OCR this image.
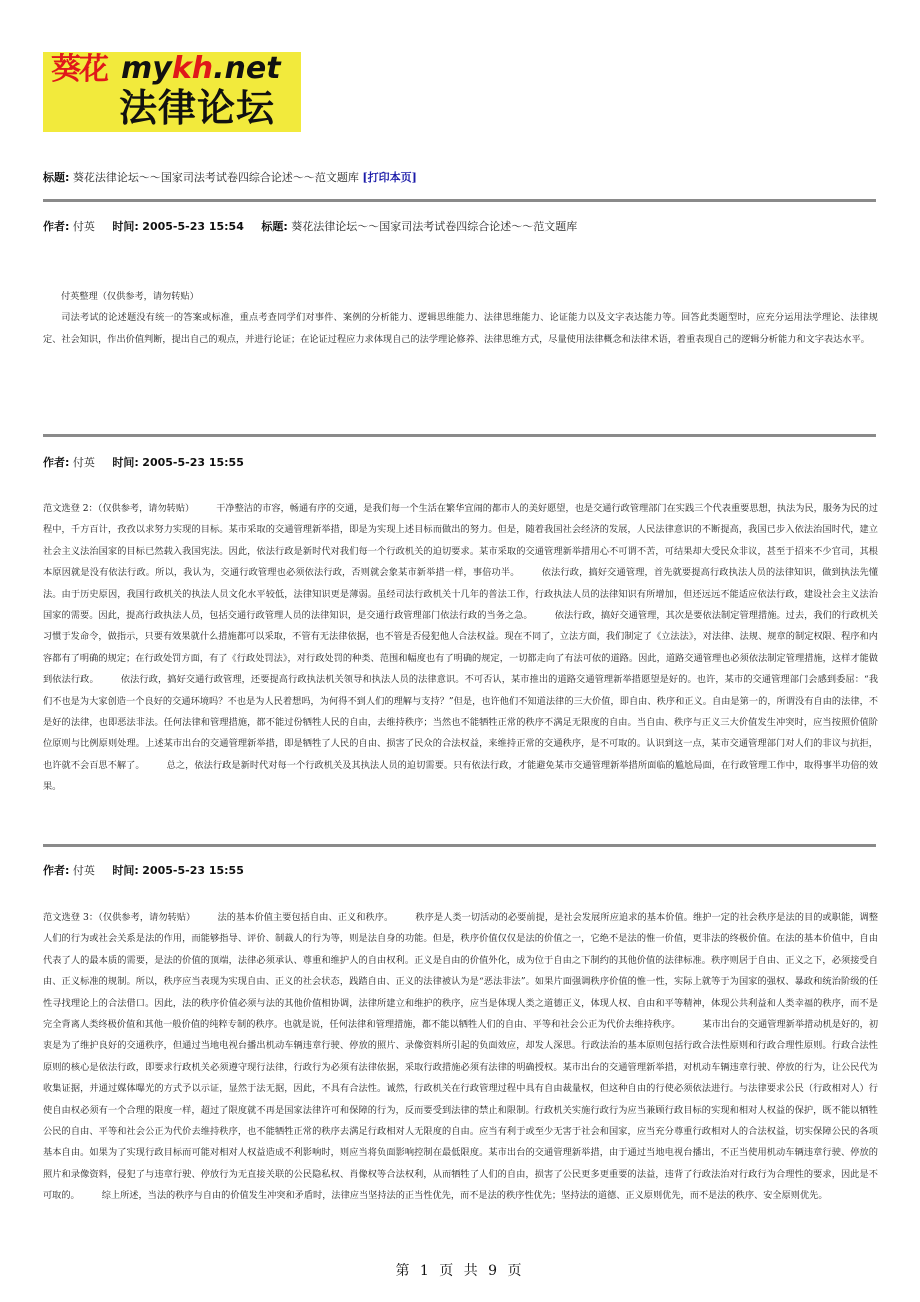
葵花 mykh.net
法律论坛
标题: 葵花法律论坛～～国家司法考试卷四综合论述～～范文题库 [打印本页]
作者: 付英 时间: 2005-5-23 15:54 标题: 葵花法律论坛～～国家司法考试卷四综合论述～～范文题库
付英整理（仅供参考，请勿转贴）
司法考试的论述题没有统一的答案或标准，重点考查同学们对事件、案例的分析能力、逻辑思维能力、法律思维能力、论证能力以及文字表达能力等。回答此类题型时，应充分运用法学理论、法律规定、社会知识，作出价值判断，提出自己的观点，并进行论证；在论证过程应力求体现自己的法学理论修养、法律思维方式，尽量使用法律概念和法律术语，着重表现自己的逻辑分析能力和文字表达水平。
作者: 付英 时间: 2005-5-23 15:55
范文选登 2：（仅供参考，请勿转贴） 干净整洁的市容，畅通有序的交通，是我们每一个生活在繁华宜闹的都市人的美好愿望，也是交通行政管理部门在实践三个代表重要思想，执法为民，服务为民的过程中，千方百计，孜孜以求努力实现的目标。某市采取的交通管理新举措，即是为实现上述目标而做出的努力。但是，随着我国社会经济的发展，人民法律意识的不断提高，我国已步入依法治国时代，建立社会主义法治国家的目标已然载入我国宪法。因此，依法行政是新时代对我们每一个行政机关的迫切要求。某市采取的交通管理新举措用心不可谓不苦，可结果却大受民众非议，甚至于招来不少官司，其根本原因就是没有依法行政。所以，我认为，交通行政管理也必须依法行政，否则就会象某市新举措一样，事倍功半。 依法行政，搞好交通管理，首先就要提高行政执法人员的法律知识，做到执法先懂法。由于历史原因，我国行政机关的执法人员文化水平较低，法律知识更是薄弱。虽经司法行政机关十几年的普法工作，行政执法人员的法律知识有所增加，但还远远不能适应依法行政，建设社会主义法治国家的需要。因此，提高行政执法人员，包括交通行政管理人员的法律知识，是交通行政管理部门依法行政的当务之急。 依法行政，搞好交通管理，其次是要依法制定管理措施。过去，我们的行政机关习惯于发命令，做指示，只要有效果就什么措施都可以采取，不管有无法律依据，也不管是否侵犯他人合法权益。现在不同了，立法方面，我们制定了《立法法》，对法律、法规、规章的制定权限、程序和内容都有了明确的规定；在行政处罚方面，有了《行政处罚法》，对行政处罚的种类、范围和幅度也有了明确的规定，一切都走向了有法可依的道路。因此，道路交通管理也必须依法制定管理措施，这样才能做到依法行政。 依法行政，搞好交通行政管理，还要提高行政执法机关领导和执法人员的法律意识。不可否认，某市推出的道路交通管理新举措愿望是好的。也许，某市的交通管理部门会感到委屈：“我们不也是为大家创造一个良好的交通环境吗？不也是为人民着想吗，为何得不到人们的理解与支持？”但是，也许他们不知道法律的三大价值，即自由、秩序和正义。自由是第一的，所谓没有自由的法律，不是好的法律，也即恶法非法。任何法律和管理措施，都不能过份牺牲人民的自由，去维持秩序；当然也不能牺牲正常的秩序不满足无限度的自由。当自由、秩序与正义三大价值发生冲突时，应当按照价值阶位原则与比例原则处理。上述某市出台的交通管理新举措，即是牺牲了人民的自由、损害了民众的合法权益，来维持正常的交通秩序，是不可取的。认识到这一点，某市交通管理部门对人们的非议与抗拒，也许就不会百思不解了。 总之，依法行政是新时代对每一个行政机关及其执法人员的迫切需要。只有依法行政，才能避免某市交通管理新举措所面临的尴尬局面，在行政管理工作中，取得事半功倍的效果。
作者: 付英 时间: 2005-5-23 15:55
范文选登 3：（仅供参考，请勿转贴） 法的基本价值主要包括自由、正义和秩序。 秩序是人类一切活动的必要前提，是社会发展所应追求的基本价值。维护一定的社会秩序是法的目的或职能，调整人们的行为或社会关系是法的作用，而能够指导、评价、制裁人的行为等，则是法自身的功能。但是，秩序价值仅仅是法的价值之一，它绝不是法的惟一价值，更非法的终极价值。在法的基本价值中，自由代表了人的最本质的需要，是法的价值的顶端，法律必须承认、尊重和维护人的自由权利。正义是自由的价值外化，成为位于自由之下制约的其他价值的法律标准。秩序则居于自由、正义之下，必须接受自由、正义标准的规制。所以，秩序应当表现为实现自由、正义的社会状态，践踏自由、正义的法律被认为是“恶法非法”。如果片面强调秩序价值的惟一性，实际上就等于为国家的强权、暴政和统治阶级的任性寻找理论上的合法借口。因此，法的秩序价值必须与法的其他价值相协调，法律所建立和维护的秩序，应当是体现人类之道德正义，体现人权、自由和平等精神，体现公共利益和人类幸福的秩序，而不是完全背离人类终极价值和其他一般价值的纯粹专制的秩序。也就是说，任何法律和管理措施，都不能以牺牲人们的自由、平等和社会公正为代价去维持秩序。 某市出台的交通管理新举措动机是好的，初衷是为了维护良好的交通秩序，但通过当地电视台播出机动车辆违章行驶、停放的照片、录像资料所引起的负面效应，却发人深思。行政法治的基本原则包括行政合法性原则和行政合理性原则。行政合法性原则的核心是依法行政，即要求行政机关必须遵守现行法律，行政行为必须有法律依据，采取行政措施必须有法律的明确授权。某市出台的交通管理新举措，对机动车辆违章行驶、停放的行为，让公民代为收集证据，并通过媒体曝光的方式予以示证，显然于法无据，因此，不具有合法性。诚然，行政机关在行政管理过程中具有自由裁量权，但这种自由的行使必须依法进行。与法律要求公民（行政相对人）行使自由权必须有一个合理的限度一样，超过了限度就不再是国家法律许可和保障的行为，反而要受到法律的禁止和限制。行政机关实施行政行为应当兼顾行政目标的实现和相对人权益的保护，既不能以牺牲公民的自由、平等和社会公正为代价去维持秩序，也不能牺牲正常的秩序去满足行政相对人无限度的自由。应当有利于或至少无害于社会和国家，应当充分尊重行政相对人的合法权益，切实保障公民的各项基本自由。如果为了实现行政目标而可能对相对人权益造成不利影响时，则应当将负面影响控制在最低限度。某市出台的交通管理新举措，由于通过当地电视台播出，不正当使用机动车辆违章行驶、停放的照片和录像资料，侵犯了与违章行驶、停放行为无直接关联的公民隐私权、肖像权等合法权利，从而牺牲了人们的自由，损害了公民更多更重要的法益，违背了行政法治对行政行为合理性的要求，因此是不可取的。 综上所述，当法的秩序与自由的价值发生冲突和矛盾时，法律应当坚持法的正当性优先，而不是法的秩序性优先；坚持法的道德、正义原则优先，而不是法的秩序、安全原则优先。
第 1 页 共 9 页
